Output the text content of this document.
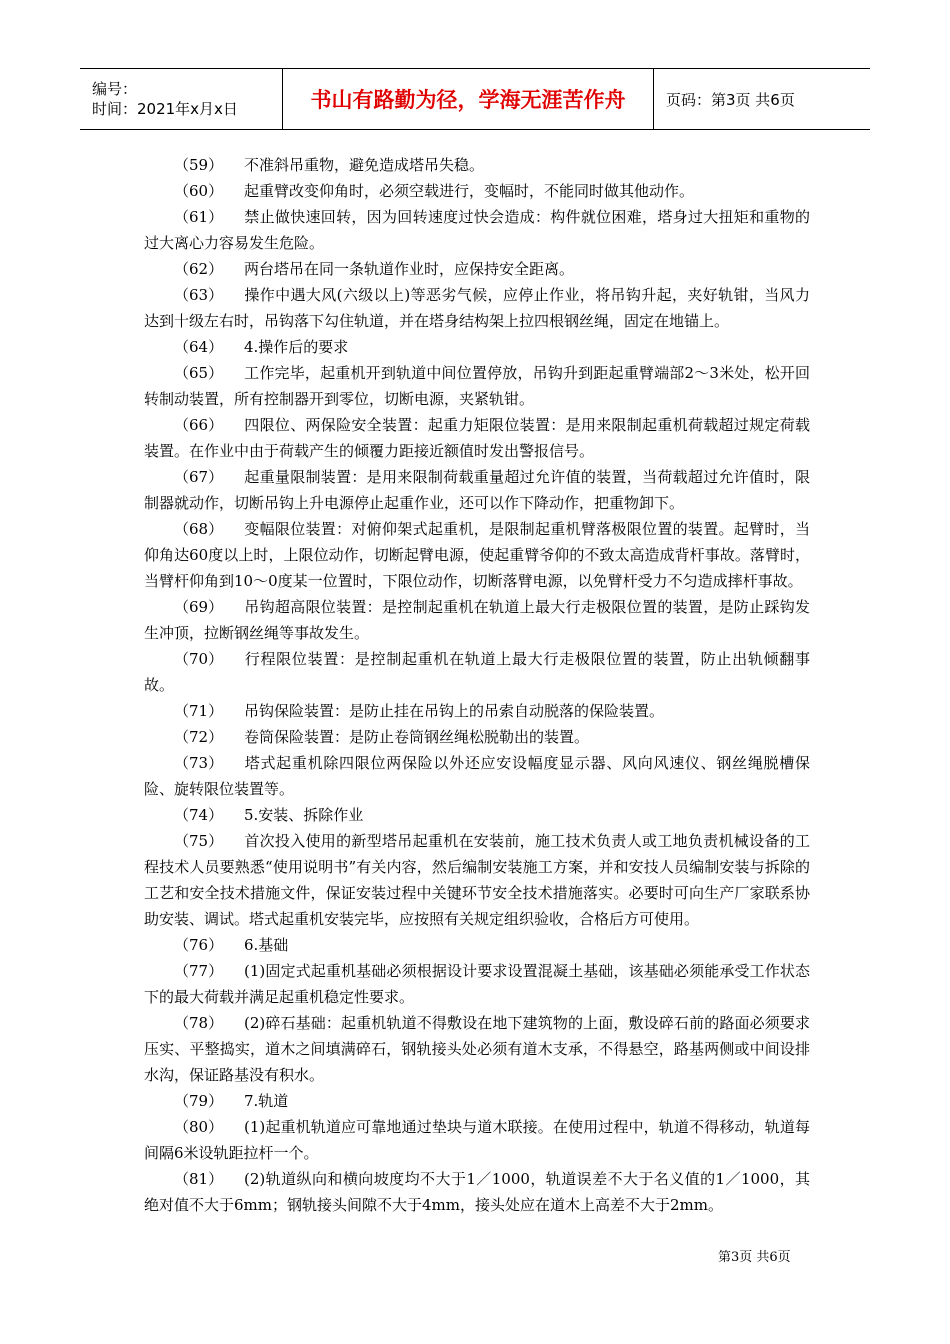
编号：
时间：2021年x月x日	书山有路勤为径，学海无涯苦作舟	页码：第3页 共6页

（59） 不准斜吊重物，避免造成塔吊失稳。

（60） 起重臂改变仰角时，必须空载进行，变幅时，不能同时做其他动作。

（61） 禁止做快速回转，因为回转速度过快会造成：构件就位困难，塔身过大扭矩和重物的过大离心力容易发生危险。

（62） 两台塔吊在同一条轨道作业时，应保持安全距离。

（63） 操作中遇大风(六级以上)等恶劣气候，应停止作业，将吊钩升起，夹好轨钳，当风力达到十级左右时，吊钩落下勾住轨道，并在塔身结构架上拉四根钢丝绳，固定在地锚上。

（64） 4.操作后的要求

（65） 工作完毕，起重机开到轨道中间位置停放，吊钩升到距起重臂端部2～3米处，松开回转制动装置，所有控制器开到零位，切断电源，夹紧轨钳。

（66） 四限位、两保险安全装置：起重力矩限位装置：是用来限制起重机荷载超过规定荷载装置。在作业中由于荷载产生的倾覆力距接近额值时发出警报信号。

（67） 起重量限制装置：是用来限制荷载重量超过允许值的装置，当荷载超过允许值时，限制器就动作，切断吊钩上升电源停止起重作业，还可以作下降动作，把重物卸下。

（68） 变幅限位装置：对俯仰架式起重机，是限制起重机臂落极限位置的装置。起臂时，当仰角达60度以上时，上限位动作，切断起臂电源，使起重臂爷仰的不致太高造成背杆事故。落臂时，当臂杆仰角到10～0度某一位置时，下限位动作，切断落臂电源，以免臂杆受力不匀造成摔杆事故。

（69） 吊钩超高限位装置：是控制起重机在轨道上最大行走极限位置的装置，是防止踩钩发生冲顶，拉断钢丝绳等事故发生。

（70） 行程限位装置：是控制起重机在轨道上最大行走极限位置的装置，防止出轨倾翻事故。

（71） 吊钩保险装置：是防止挂在吊钩上的吊索自动脱落的保险装置。

（72） 卷筒保险装置：是防止卷筒钢丝绳松脱勒出的装置。

（73） 塔式起重机除四限位两保险以外还应安设幅度显示器、风向风速仪、钢丝绳脱槽保险、旋转限位装置等。

（74） 5.安装、拆除作业

（75） 首次投入使用的新型塔吊起重机在安装前，施工技术负责人或工地负责机械设备的工程技术人员要熟悉“使用说明书”有关内容，然后编制安装施工方案，并和安技人员编制安装与拆除的工艺和安全技术措施文件，保证安装过程中关键环节安全技术措施落实。必要时可向生产厂家联系协助安装、调试。塔式起重机安装完毕，应按照有关规定组织验收，合格后方可使用。

（76） 6.基础

（77） (1)固定式起重机基础必须根据设计要求设置混凝土基础，该基础必须能承受工作状态下的最大荷载并满足起重机稳定性要求。

（78） (2)碎石基础：起重机轨道不得敷设在地下建筑物的上面，敷设碎石前的路面必须要求压实、平整捣实，道木之间填满碎石，钢轨接头处必须有道木支承，不得悬空，路基两侧或中间设排水沟，保证路基没有积水。

（79） 7.轨道

（80） (1)起重机轨道应可靠地通过垫块与道木联接。在使用过程中，轨道不得移动，轨道每间隔6米设轨距拉杆一个。

（81） (2)轨道纵向和横向坡度均不大于1／1000，轨道误差不大于名义值的1／1000，其绝对值不大于6mm；钢轨接头间隙不大于4mm，接头处应在道木上高差不大于2mm。

第3页 共6页
